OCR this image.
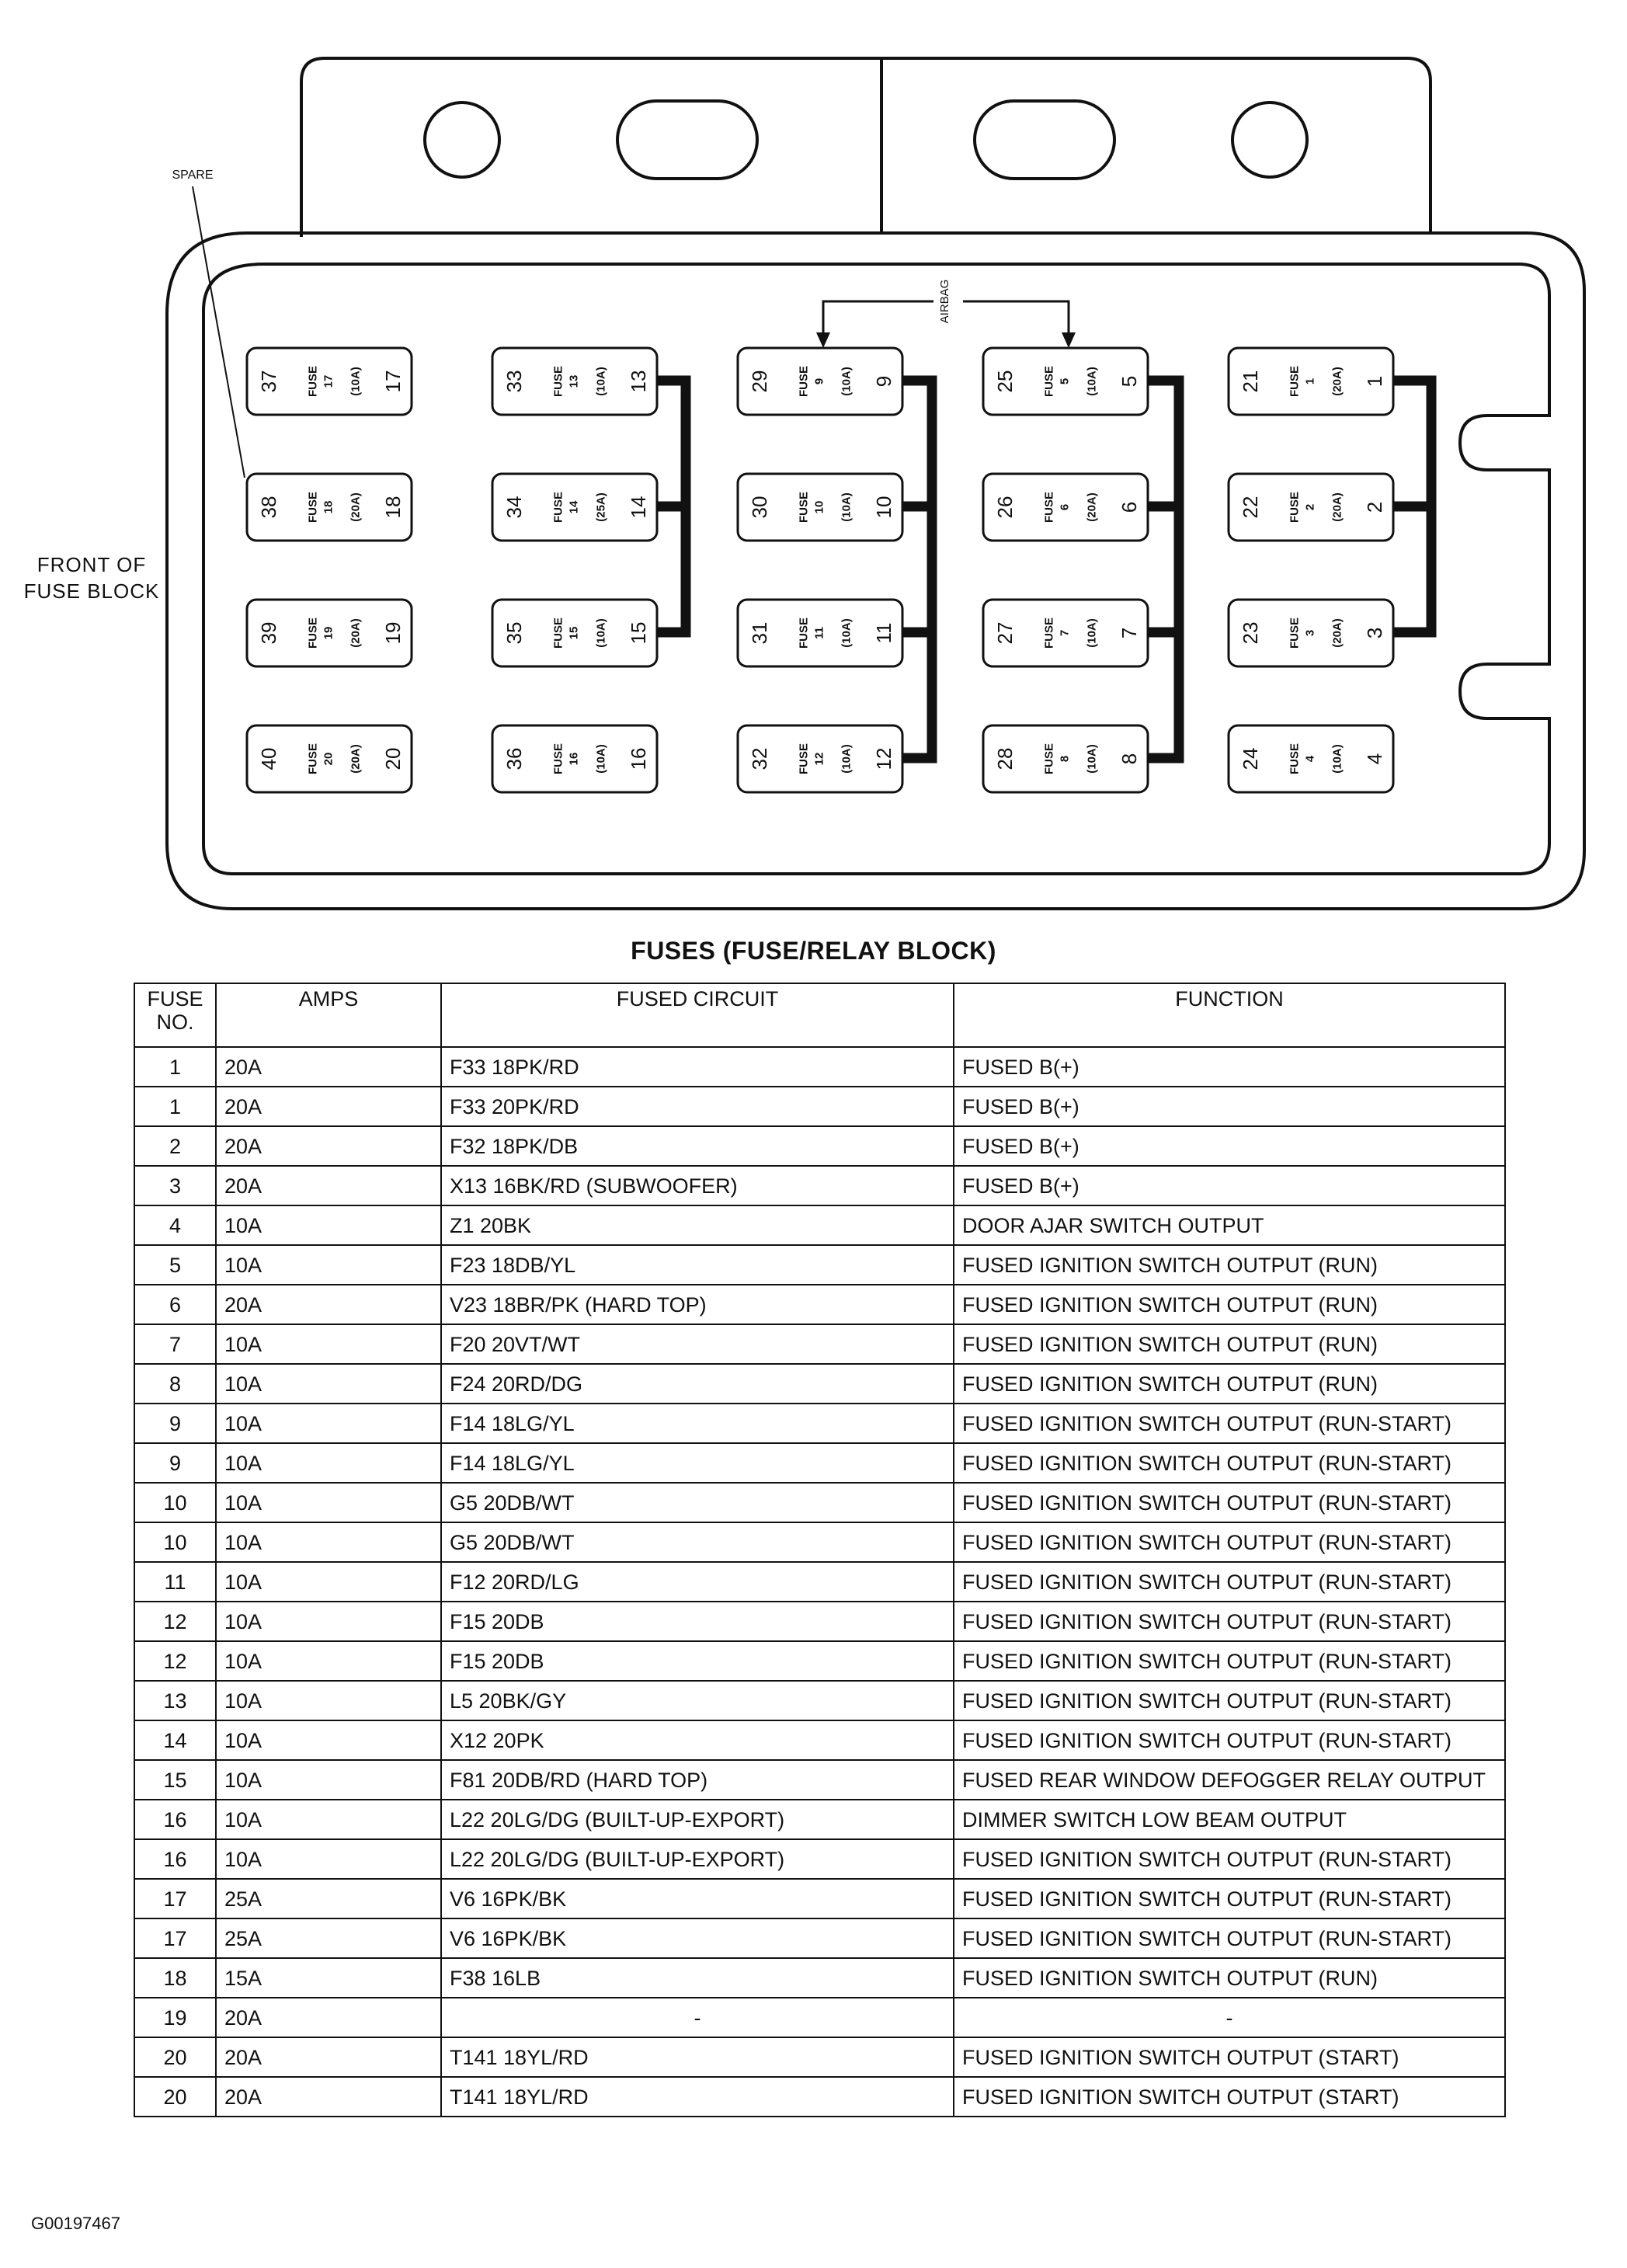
SPARE
AIRBAG
37 FUSE 17 (10A) 17
38 FUSE 18 (20A) 18
39 FUSE 19 (20A) 19
40 FUSE 20 (20A) 20
33 FUSE 13 (10A) 13
34 FUSE 14 (25A) 14
35 FUSE 15 (10A) 15
36 FUSE 16 (10A) 16
29 FUSE 9 (10A) 9
30 FUSE 10 (10A) 10
31 FUSE 11 (10A) 11
32 FUSE 12 (10A) 12
25 FUSE 5 (10A) 5
26 FUSE 6 (20A) 6
27 FUSE 7 (10A) 7
28 FUSE 8 (10A) 8
21 FUSE 1 (20A) 1
22 FUSE 2 (20A) 2
23 FUSE 3 (20A) 3
24 FUSE 4 (10A) 4
FRONT OF
FUSE BLOCK
FUSES (FUSE/RELAY BLOCK)
FUSE NO.	AMPS	FUSED CIRCUIT	FUNCTION
1	20A	F33 18PK/RD	FUSED B(+)
1	20A	F33 20PK/RD	FUSED B(+)
2	20A	F32 18PK/DB	FUSED B(+)
3	20A	X13 16BK/RD (SUBWOOFER)	FUSED B(+)
4	10A	Z1 20BK	DOOR AJAR SWITCH OUTPUT
5	10A	F23 18DB/YL	FUSED IGNITION SWITCH OUTPUT (RUN)
6	20A	V23 18BR/PK (HARD TOP)	FUSED IGNITION SWITCH OUTPUT (RUN)
7	10A	F20 20VT/WT	FUSED IGNITION SWITCH OUTPUT (RUN)
8	10A	F24 20RD/DG	FUSED IGNITION SWITCH OUTPUT (RUN)
9	10A	F14 18LG/YL	FUSED IGNITION SWITCH OUTPUT (RUN-START)
9	10A	F14 18LG/YL	FUSED IGNITION SWITCH OUTPUT (RUN-START)
10	10A	G5 20DB/WT	FUSED IGNITION SWITCH OUTPUT (RUN-START)
10	10A	G5 20DB/WT	FUSED IGNITION SWITCH OUTPUT (RUN-START)
11	10A	F12 20RD/LG	FUSED IGNITION SWITCH OUTPUT (RUN-START)
12	10A	F15 20DB	FUSED IGNITION SWITCH OUTPUT (RUN-START)
12	10A	F15 20DB	FUSED IGNITION SWITCH OUTPUT (RUN-START)
13	10A	L5 20BK/GY	FUSED IGNITION SWITCH OUTPUT (RUN-START)
14	10A	X12 20PK	FUSED IGNITION SWITCH OUTPUT (RUN-START)
15	10A	F81 20DB/RD (HARD TOP)	FUSED REAR WINDOW DEFOGGER RELAY OUTPUT
16	10A	L22 20LG/DG (BUILT-UP-EXPORT)	DIMMER SWITCH LOW BEAM OUTPUT
16	10A	L22 20LG/DG (BUILT-UP-EXPORT)	FUSED IGNITION SWITCH OUTPUT (RUN-START)
17	25A	V6 16PK/BK	FUSED IGNITION SWITCH OUTPUT (RUN-START)
17	25A	V6 16PK/BK	FUSED IGNITION SWITCH OUTPUT (RUN-START)
18	15A	F38 16LB	FUSED IGNITION SWITCH OUTPUT (RUN)
19	20A	-	-
20	20A	T141 18YL/RD	FUSED IGNITION SWITCH OUTPUT (START)
20	20A	T141 18YL/RD	FUSED IGNITION SWITCH OUTPUT (START)
G00197467
